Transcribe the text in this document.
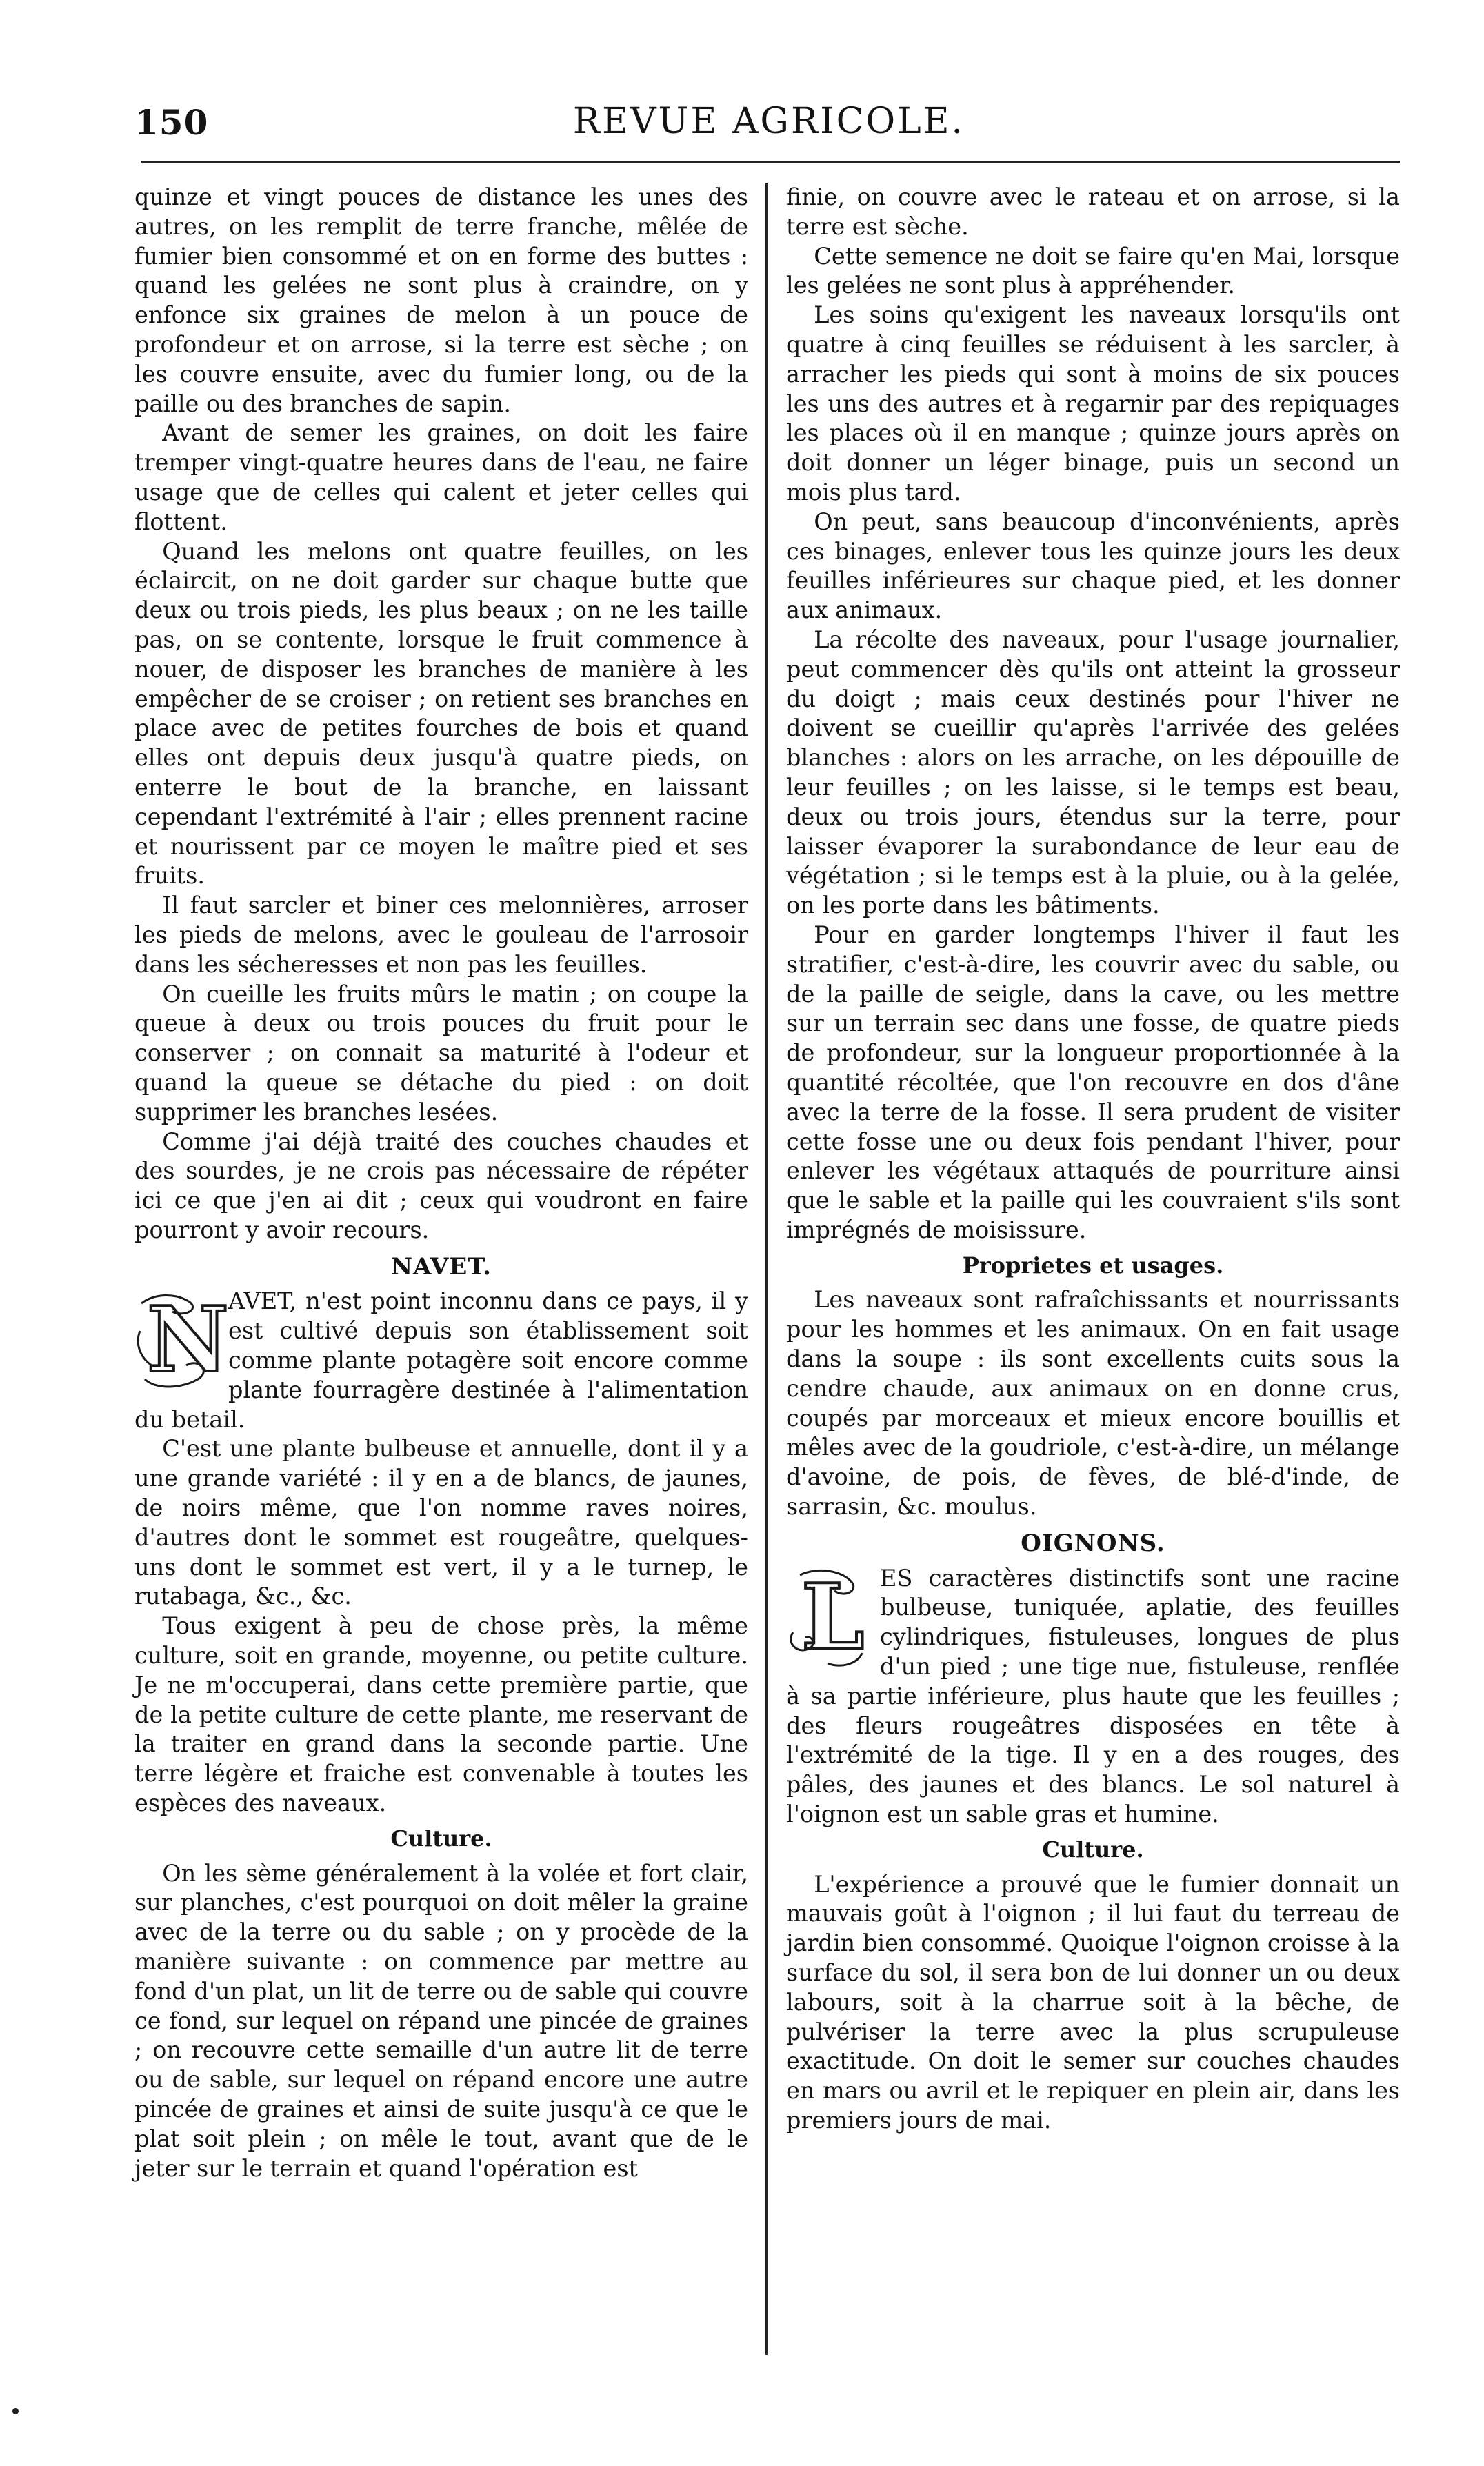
150	REVUE AGRICOLE.

quinze et vingt pouces de distance les unes des autres, on les remplit de terre franche, mêlée de fumier bien consommé et on en forme des buttes : quand les gelées ne sont plus à craindre, on y enfonce six graines de melon à un pouce de profondeur et on arrose, si la terre est sèche ; on les couvre ensuite, avec du fumier long, ou de la paille ou des branches de sapin.

Avant de semer les graines, on doit les faire tremper vingt-quatre heures dans de l'eau, ne faire usage que de celles qui calent et jeter celles qui flottent.

Quand les melons ont quatre feuilles, on les éclaircit, on ne doit garder sur chaque butte que deux ou trois pieds, les plus beaux ; on ne les taille pas, on se contente, lorsque le fruit commence à nouer, de disposer les branches de manière à les empêcher de se croiser ; on retient ses branches en place avec de petites fourches de bois et quand elles ont depuis deux jusqu'à quatre pieds, on enterre le bout de la branche, en laissant cependant l'extrémité à l'air ; elles prennent racine et nourissent par ce moyen le maître pied et ses fruits.

Il faut sarcler et biner ces melonnières, arroser les pieds de melons, avec le gouleau de l'arrosoir dans les sécheresses et non pas les feuilles.

On cueille les fruits mûrs le matin ; on coupe la queue à deux ou trois pouces du fruit pour le conserver ; on connait sa maturité à l'odeur et quand la queue se détache du pied : on doit supprimer les branches lesées.

Comme j'ai déjà traité des couches chaudes et des sourdes, je ne crois pas nécessaire de répéter ici ce que j'en ai dit ; ceux qui voudront en faire pourront y avoir recours.

NAVET.
N AVET, n'est point inconnu dans ce pays, il y est cultivé depuis son établissement soit comme plante potagère soit encore comme plante fourragère destinée à l'alimentation du betail.

C'est une plante bulbeuse et annuelle, dont il y a une grande variété : il y en a de blancs, de jaunes, de noirs même, que l'on nomme raves noires, d'autres dont le sommet est rougeâtre, quelques-uns dont le sommet est vert, il y a le turnep, le rutabaga, &c., &c.

Tous exigent à peu de chose près, la même culture, soit en grande, moyenne, ou petite culture. Je ne m'occuperai, dans cette première partie, que de la petite culture de cette plante, me reservant de la traiter en grand dans la seconde partie. Une terre légère et fraiche est convenable à toutes les espèces des naveaux.

Culture.

On les sème généralement à la volée et fort clair, sur planches, c'est pourquoi on doit mêler la graine avec de la terre ou du sable ; on y procède de la manière suivante : on commence par mettre au fond d'un plat, un lit de terre ou de sable qui couvre ce fond, sur lequel on répand une pincée de graines ; on recouvre cette semaille d'un autre lit de terre ou de sable, sur lequel on répand encore une autre pincée de graines et ainsi de suite jusqu'à ce que le plat soit plein ; on mêle le tout, avant que de le jeter sur le terrain et quand l'opération est

finie, on couvre avec le rateau et on arrose, si la terre est sèche.

Cette semence ne doit se faire qu'en Mai, lorsque les gelées ne sont plus à appréhender.

Les soins qu'exigent les naveaux lorsqu'ils ont quatre à cinq feuilles se réduisent à les sarcler, à arracher les pieds qui sont à moins de six pouces les uns des autres et à regarnir par des repiquages les places où il en manque ; quinze jours après on doit donner un léger binage, puis un second un mois plus tard.

On peut, sans beaucoup d'inconvénients, après ces binages, enlever tous les quinze jours les deux feuilles inférieures sur chaque pied, et les donner aux animaux.

La récolte des naveaux, pour l'usage journalier, peut commencer dès qu'ils ont atteint la grosseur du doigt ; mais ceux destinés pour l'hiver ne doivent se cueillir qu'après l'arrivée des gelées blanches : alors on les arrache, on les dépouille de leur feuilles ; on les laisse, si le temps est beau, deux ou trois jours, étendus sur la terre, pour laisser évaporer la surabondance de leur eau de végétation ; si le temps est à la pluie, ou à la gelée, on les porte dans les bâtiments.

Pour en garder longtemps l'hiver il faut les stratifier, c'est-à-dire, les couvrir avec du sable, ou de la paille de seigle, dans la cave, ou les mettre sur un terrain sec dans une fosse, de quatre pieds de profondeur, sur la longueur proportionnée à la quantité récoltée, que l'on recouvre en dos d'âne avec la terre de la fosse. Il sera prudent de visiter cette fosse une ou deux fois pendant l'hiver, pour enlever les végétaux attaqués de pourriture ainsi que le sable et la paille qui les couvraient s'ils sont imprégnés de moisissure.

Proprietes et usages.

Les naveaux sont rafraîchissants et nourrissants pour les hommes et les animaux. On en fait usage dans la soupe : ils sont excellents cuits sous la cendre chaude, aux animaux on en donne crus, coupés par morceaux et mieux encore bouillis et mêles avec de la goudriole, c'est-à-dire, un mélange d'avoine, de pois, de fèves, de blé-d'inde, de sarrasin, &c. moulus.

OIGNONS.
L ES caractères distinctifs sont une racine bulbeuse, tuniquée, aplatie, des feuilles cylindriques, fistuleuses, longues de plus d'un pied ; une tige nue, fistuleuse, renflée à sa partie inférieure, plus haute que les feuilles ; des fleurs rougeâtres disposées en tête à l'extrémité de la tige. Il y en a des rouges, des pâles, des jaunes et des blancs. Le sol naturel à l'oignon est un sable gras et humine.

Culture.

L'expérience a prouvé que le fumier donnait un mauvais goût à l'oignon ; il lui faut du terreau de jardin bien consommé. Quoique l'oignon croisse à la surface du sol, il sera bon de lui donner un ou deux labours, soit à la charrue soit à la bêche, de pulvériser la terre avec la plus scrupuleuse exactitude. On doit le semer sur couches chaudes en mars ou avril et le repiquer en plein air, dans les premiers jours de mai.
